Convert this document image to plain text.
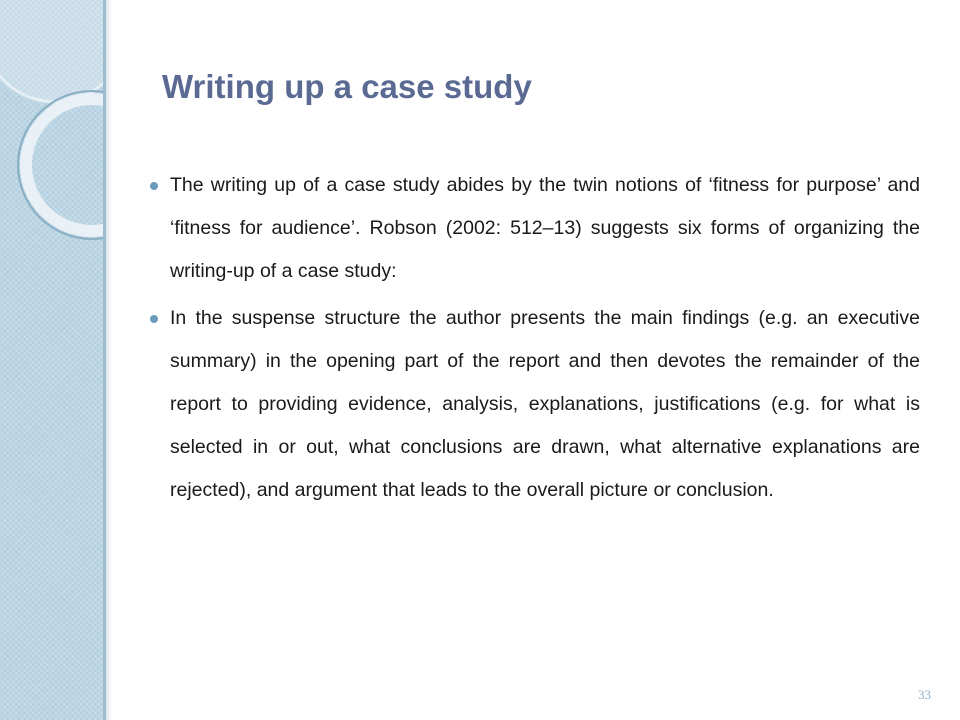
Writing up a case study
The writing up of a case study abides by the twin notions of ‘fitness for purpose’ and ‘fitness for audience’. Robson (2002: 512–13) suggests six forms of organizing the writing-up of a case study:
In the suspense structure the author presents the main findings (e.g. an executive summary) in the opening part of the report and then devotes the remainder of the report to providing evidence, analysis, explanations, justifications (e.g. for what is selected in or out, what conclusions are drawn, what alternative explanations are rejected), and argument that leads to the overall picture or conclusion.
33
